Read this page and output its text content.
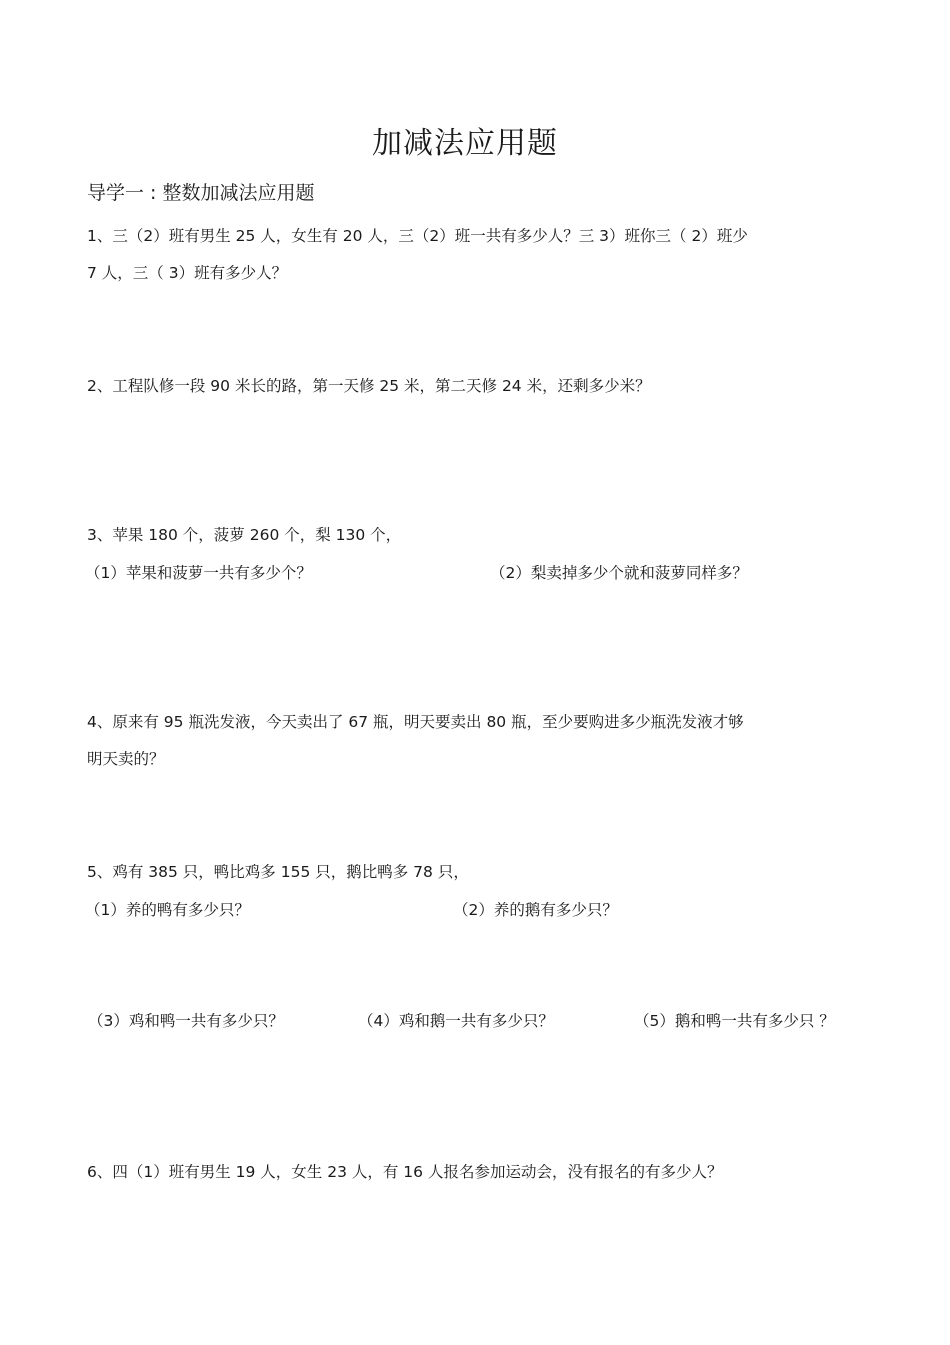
加减法应用题
导学一 : 整数加减法应用题
1、三（2）班有男生 25 人，女生有 20 人，三（2）班一共有多少人？三 3）班你三（ 2）班少
7 人，三（ 3）班有多少人？
2、工程队修一段 90 米长的路，第一天修 25 米，第二天修 24 米，还剩多少米？
3、苹果 180 个，菠萝 260 个，梨 130 个，
（1）苹果和菠萝一共有多少个？	（2）梨卖掉多少个就和菠萝同样多？
4、原来有 95 瓶洗发液，今天卖出了 67 瓶，明天要卖出 80 瓶，至少要购进多少瓶洗发液才够
明天卖的？
5、鸡有 385 只，鸭比鸡多 155 只，鹅比鸭多 78 只，
（1）养的鸭有多少只？	（2）养的鹅有多少只？
（3）鸡和鸭一共有多少只？	（4）鸡和鹅一共有多少只？	（5）鹅和鸭一共有多少只 ？
6、四（1）班有男生 19 人，女生 23 人，有 16 人报名参加运动会，没有报名的有多少人？
